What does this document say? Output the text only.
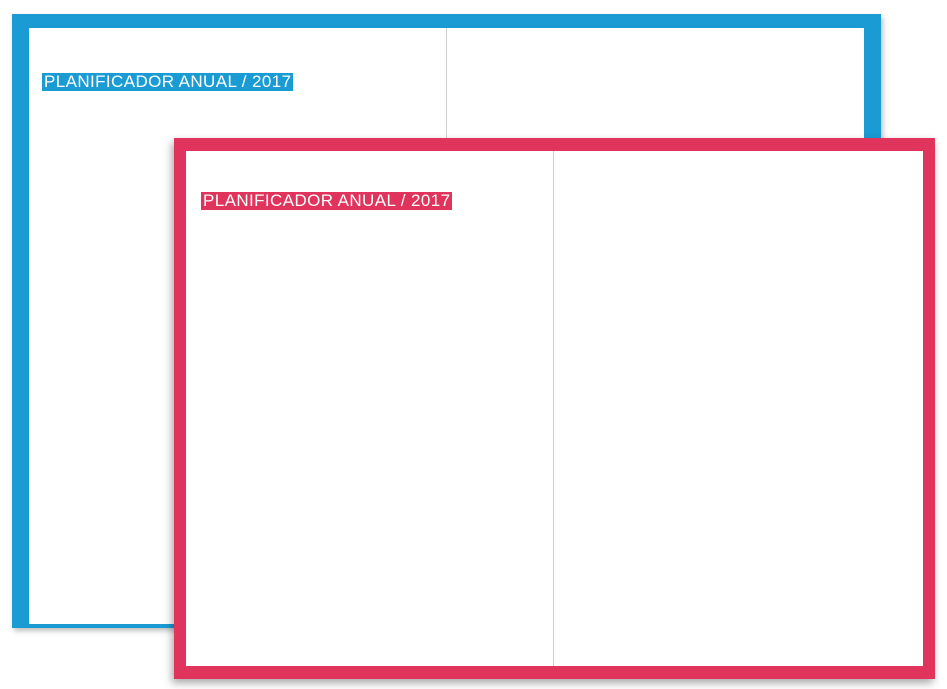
PLANIFICADOR ANUAL / 2017
PLANIFICADOR ANUAL / 2017
